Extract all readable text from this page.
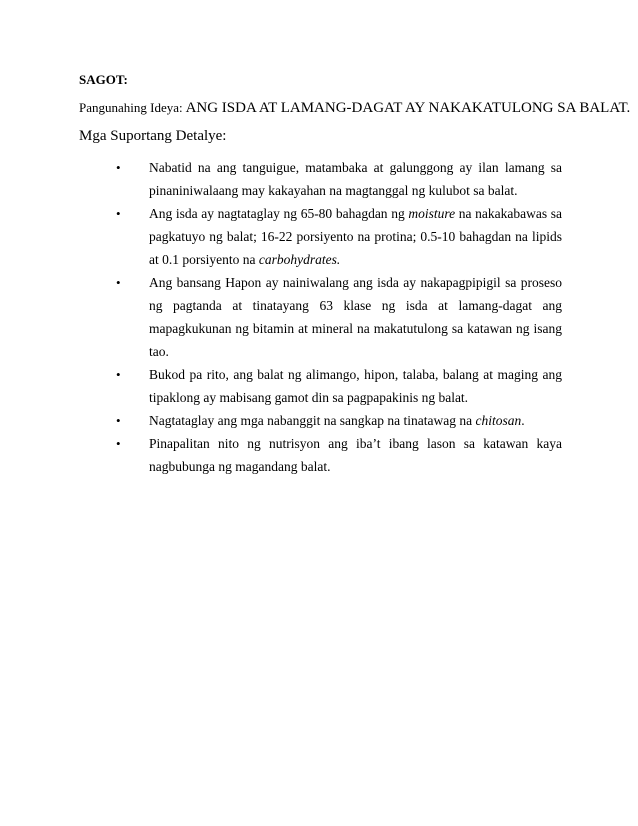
SAGOT:

Pangunahing Ideya: ANG ISDA AT LAMANG-DAGAT AY NAKAKATULONG SA BALAT.

Mga Suportang Detalye:

• Nabatid na ang tanguigue, matambaka at galunggong ay ilan lamang sa pinaniniwalaang may kakayahan na magtanggal ng kulubot sa balat.
• Ang isda ay nagtataglay ng 65-80 bahagdan ng moisture na nakakabawas sa pagkatuyo ng balat; 16-22 porsiyento na protina; 0.5-10 bahagdan na lipids at 0.1 porsiyento na carbohydrates.
• Ang bansang Hapon ay nainiwalang ang isda ay nakapagpipigil sa proseso ng pagtanda at tinatayang 63 klase ng isda at lamang-dagat ang mapagkukunan ng bitamin at mineral na makatutulong sa katawan ng isang tao.
• Bukod pa rito, ang balat ng alimango, hipon, talaba, balang at maging ang tipaklong ay mabisang gamot din sa pagpapakinis ng balat.
• Nagtataglay ang mga nabanggit na sangkap na tinatawag na chitosan.
• Pinapalitan nito ng nutrisyon ang iba’t ibang lason sa katawan kaya nagbubunga ng magandang balat.
